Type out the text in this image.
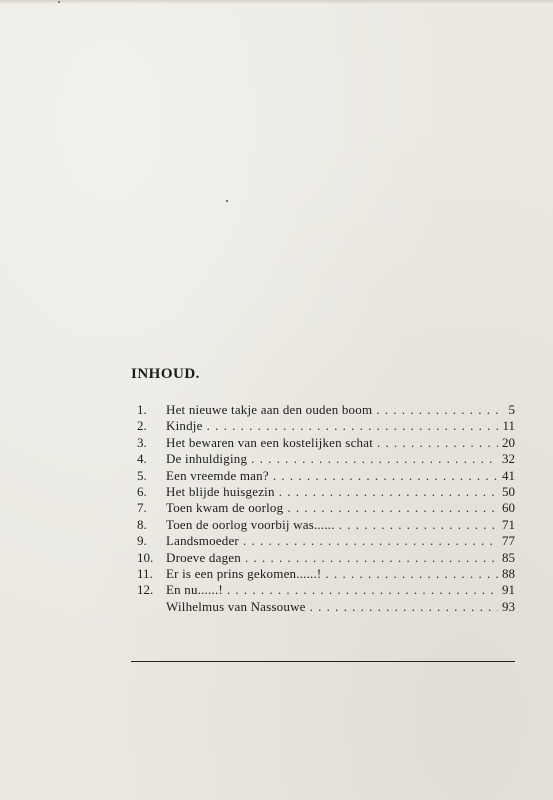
INHOUD.
1.	Het nieuwe takje aan den ouden boom . . .	5
2.	Kindje . . .	11
3.	Het bewaren van een kostelijken schat . . .	20
4.	De inhuldiging . . .	32
5.	Een vreemde man? . . .	41
6.	Het blijde huisgezin . . .	50
7.	Toen kwam de oorlog . . .	60
8.	Toen de oorlog voorbij was...... . . .	71
9.	Landsmoeder . . .	77
10. Droeve dagen . . .	85
11.	Er is een prins gekomen......! . . .	88
12. En nu......! . . .	91
Wilhelmus van Nassouwe . . .	93
